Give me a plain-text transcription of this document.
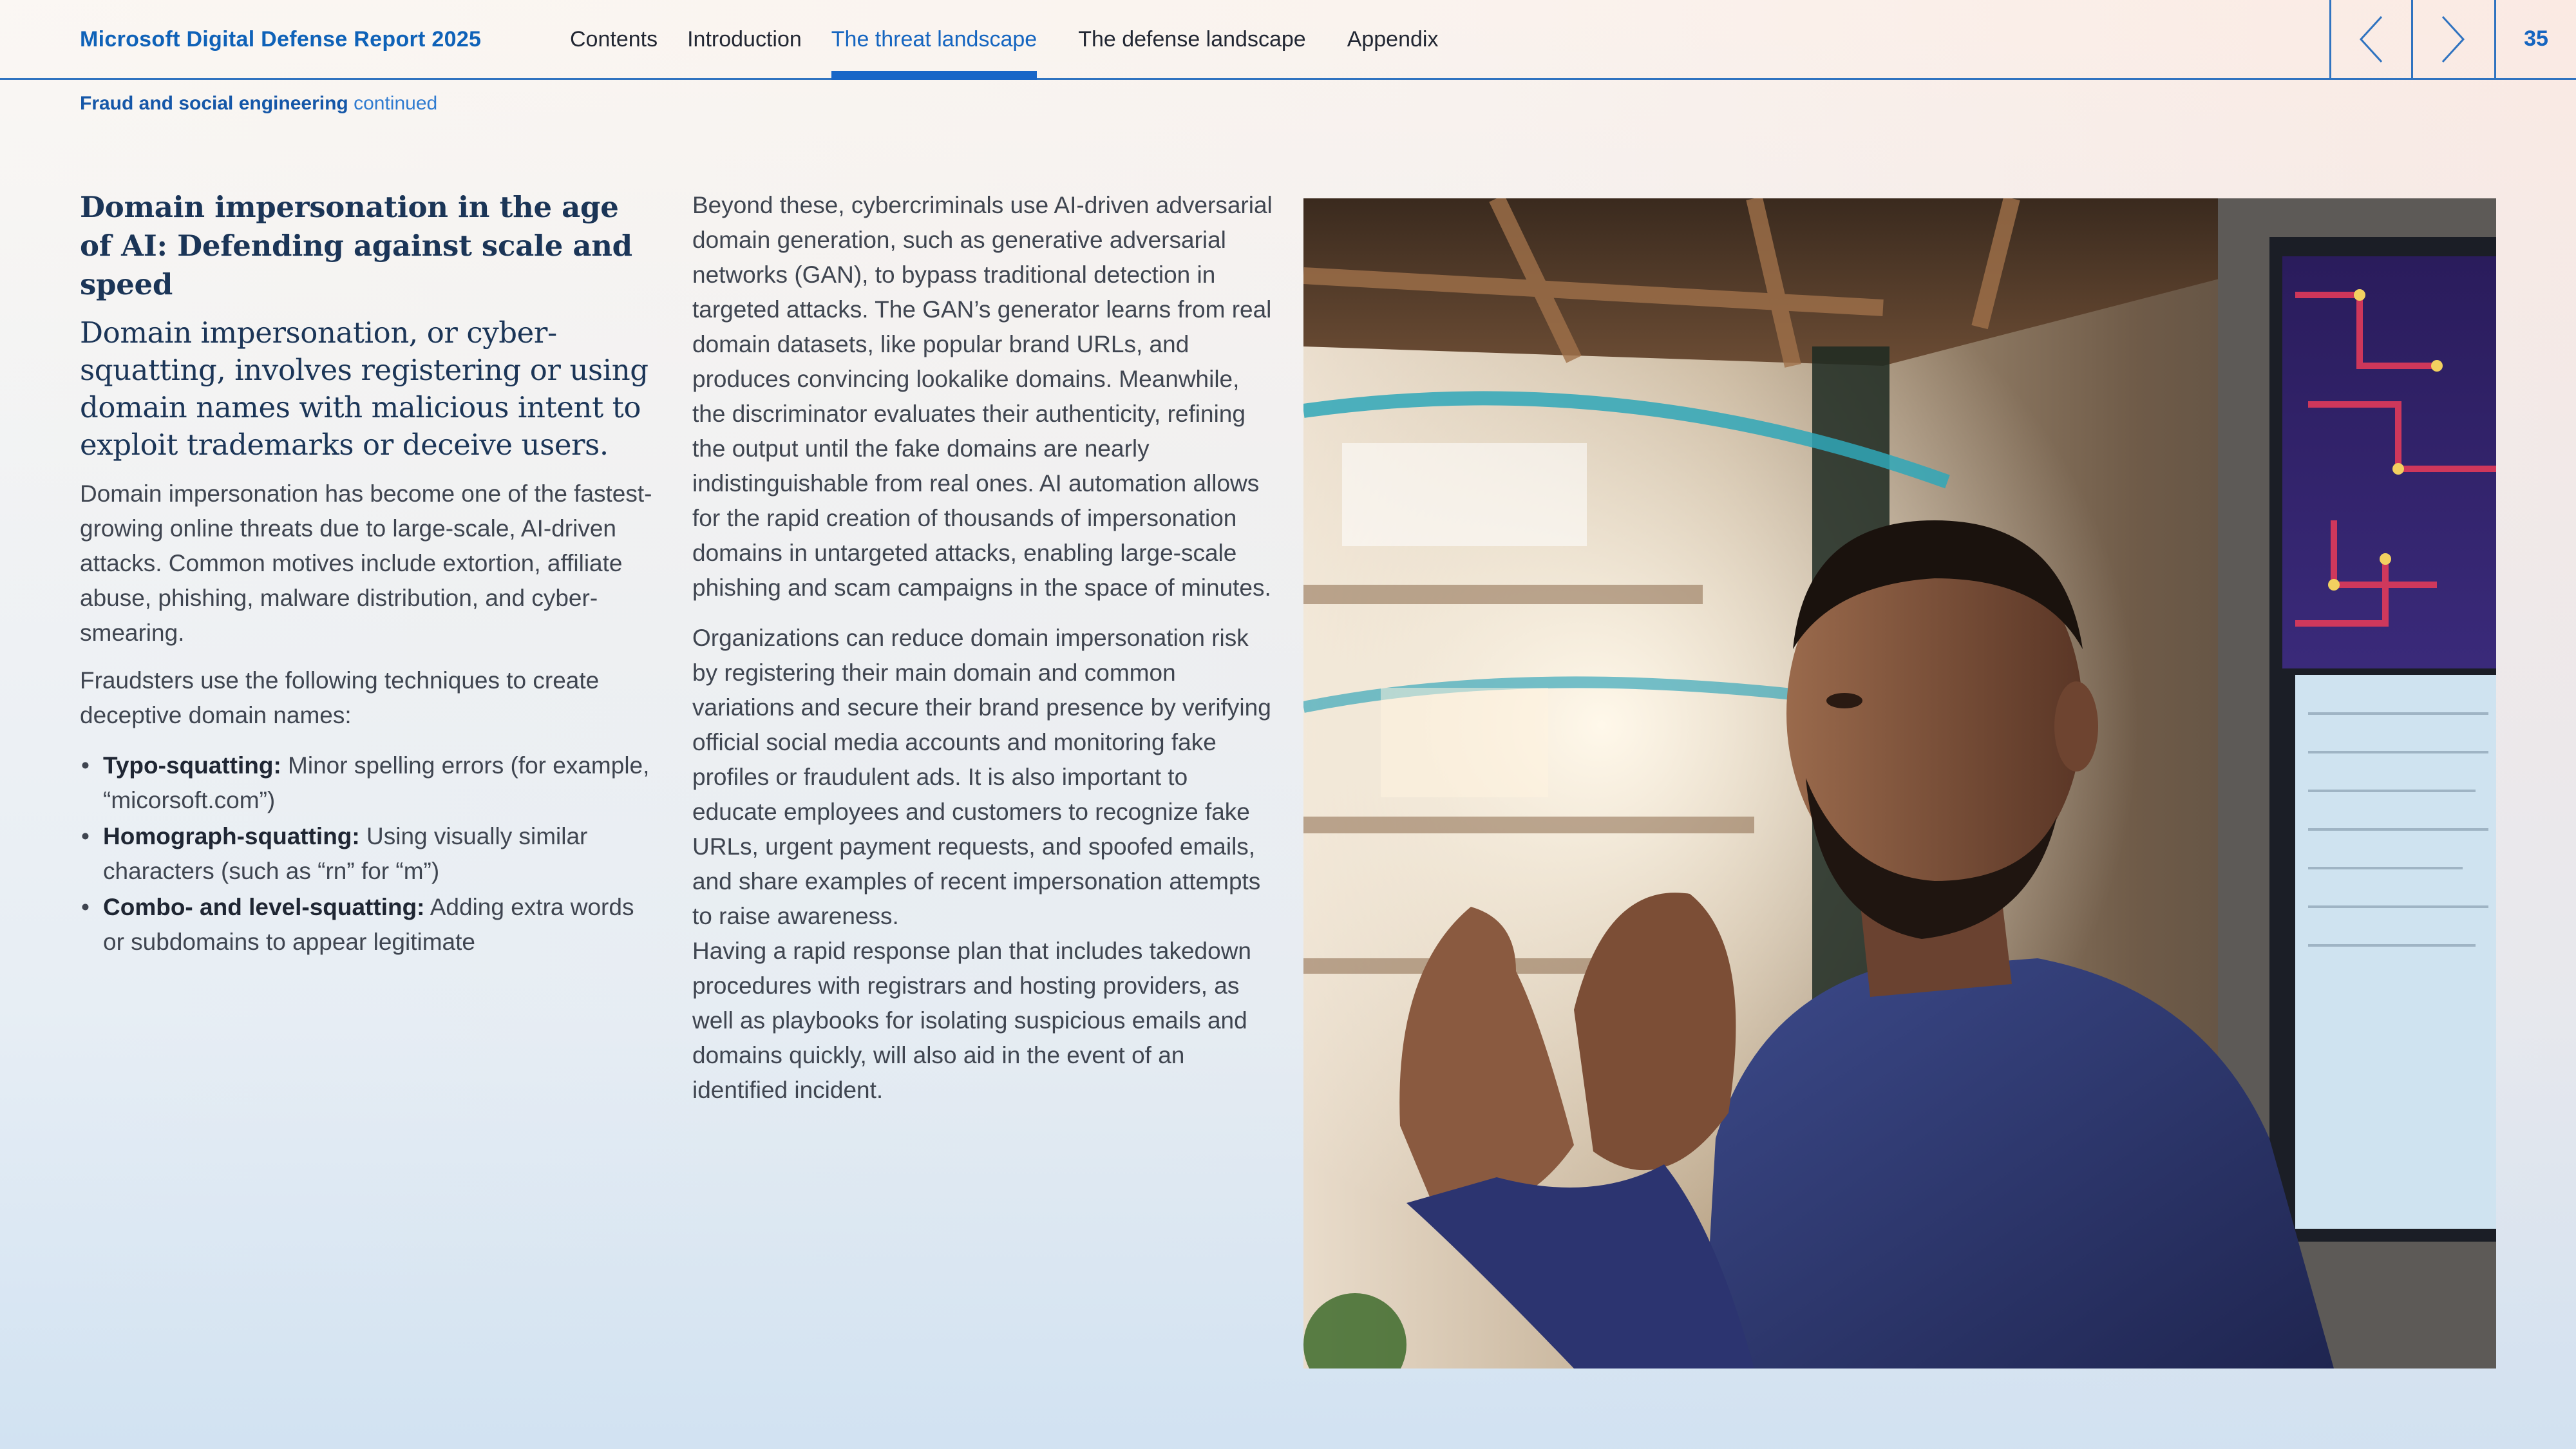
Microsoft Digital Defense Report 2025	Contents Introduction The threat landscape The defense landscape Appendix	35
Fraud and social engineering continued
Domain impersonation in the age of AI: Defending against scale and speed

Domain impersonation, or cyber-squatting, involves registering or using domain names with malicious intent to exploit trademarks or deceive users.

Domain impersonation has become one of the fastest-growing online threats due to large-scale, AI-driven attacks. Common motives include extortion, affiliate abuse, phishing, malware distribution, and cyber-smearing.

Fraudsters use the following techniques to create deceptive domain names:

• Typo-squatting: Minor spelling errors (for example, “micorsoft.com”)
• Homograph-squatting: Using visually similar characters (such as “rn” for “m”)
• Combo- and level-squatting: Adding extra words or subdomains to appear legitimate

Beyond these, cybercriminals use AI-driven adversarial domain generation, such as generative adversarial networks (GAN), to bypass traditional detection in targeted attacks. The GAN’s generator learns from real domain datasets, like popular brand URLs, and produces convincing lookalike domains. Meanwhile, the discriminator evaluates their authenticity, refining the output until the fake domains are nearly indistinguishable from real ones. AI automation allows for the rapid creation of thousands of impersonation domains in untargeted attacks, enabling large-scale phishing and scam campaigns in the space of minutes.

Organizations can reduce domain impersonation risk by registering their main domain and common variations and secure their brand presence by verifying official social media accounts and monitoring fake profiles or fraudulent ads. It is also important to educate employees and customers to recognize fake URLs, urgent payment requests, and spoofed emails, and share examples of recent impersonation attempts to raise awareness.

Having a rapid response plan that includes takedown procedures with registrars and hosting providers, as well as playbooks for isolating suspicious emails and domains quickly, will also aid in the event of an identified incident.
